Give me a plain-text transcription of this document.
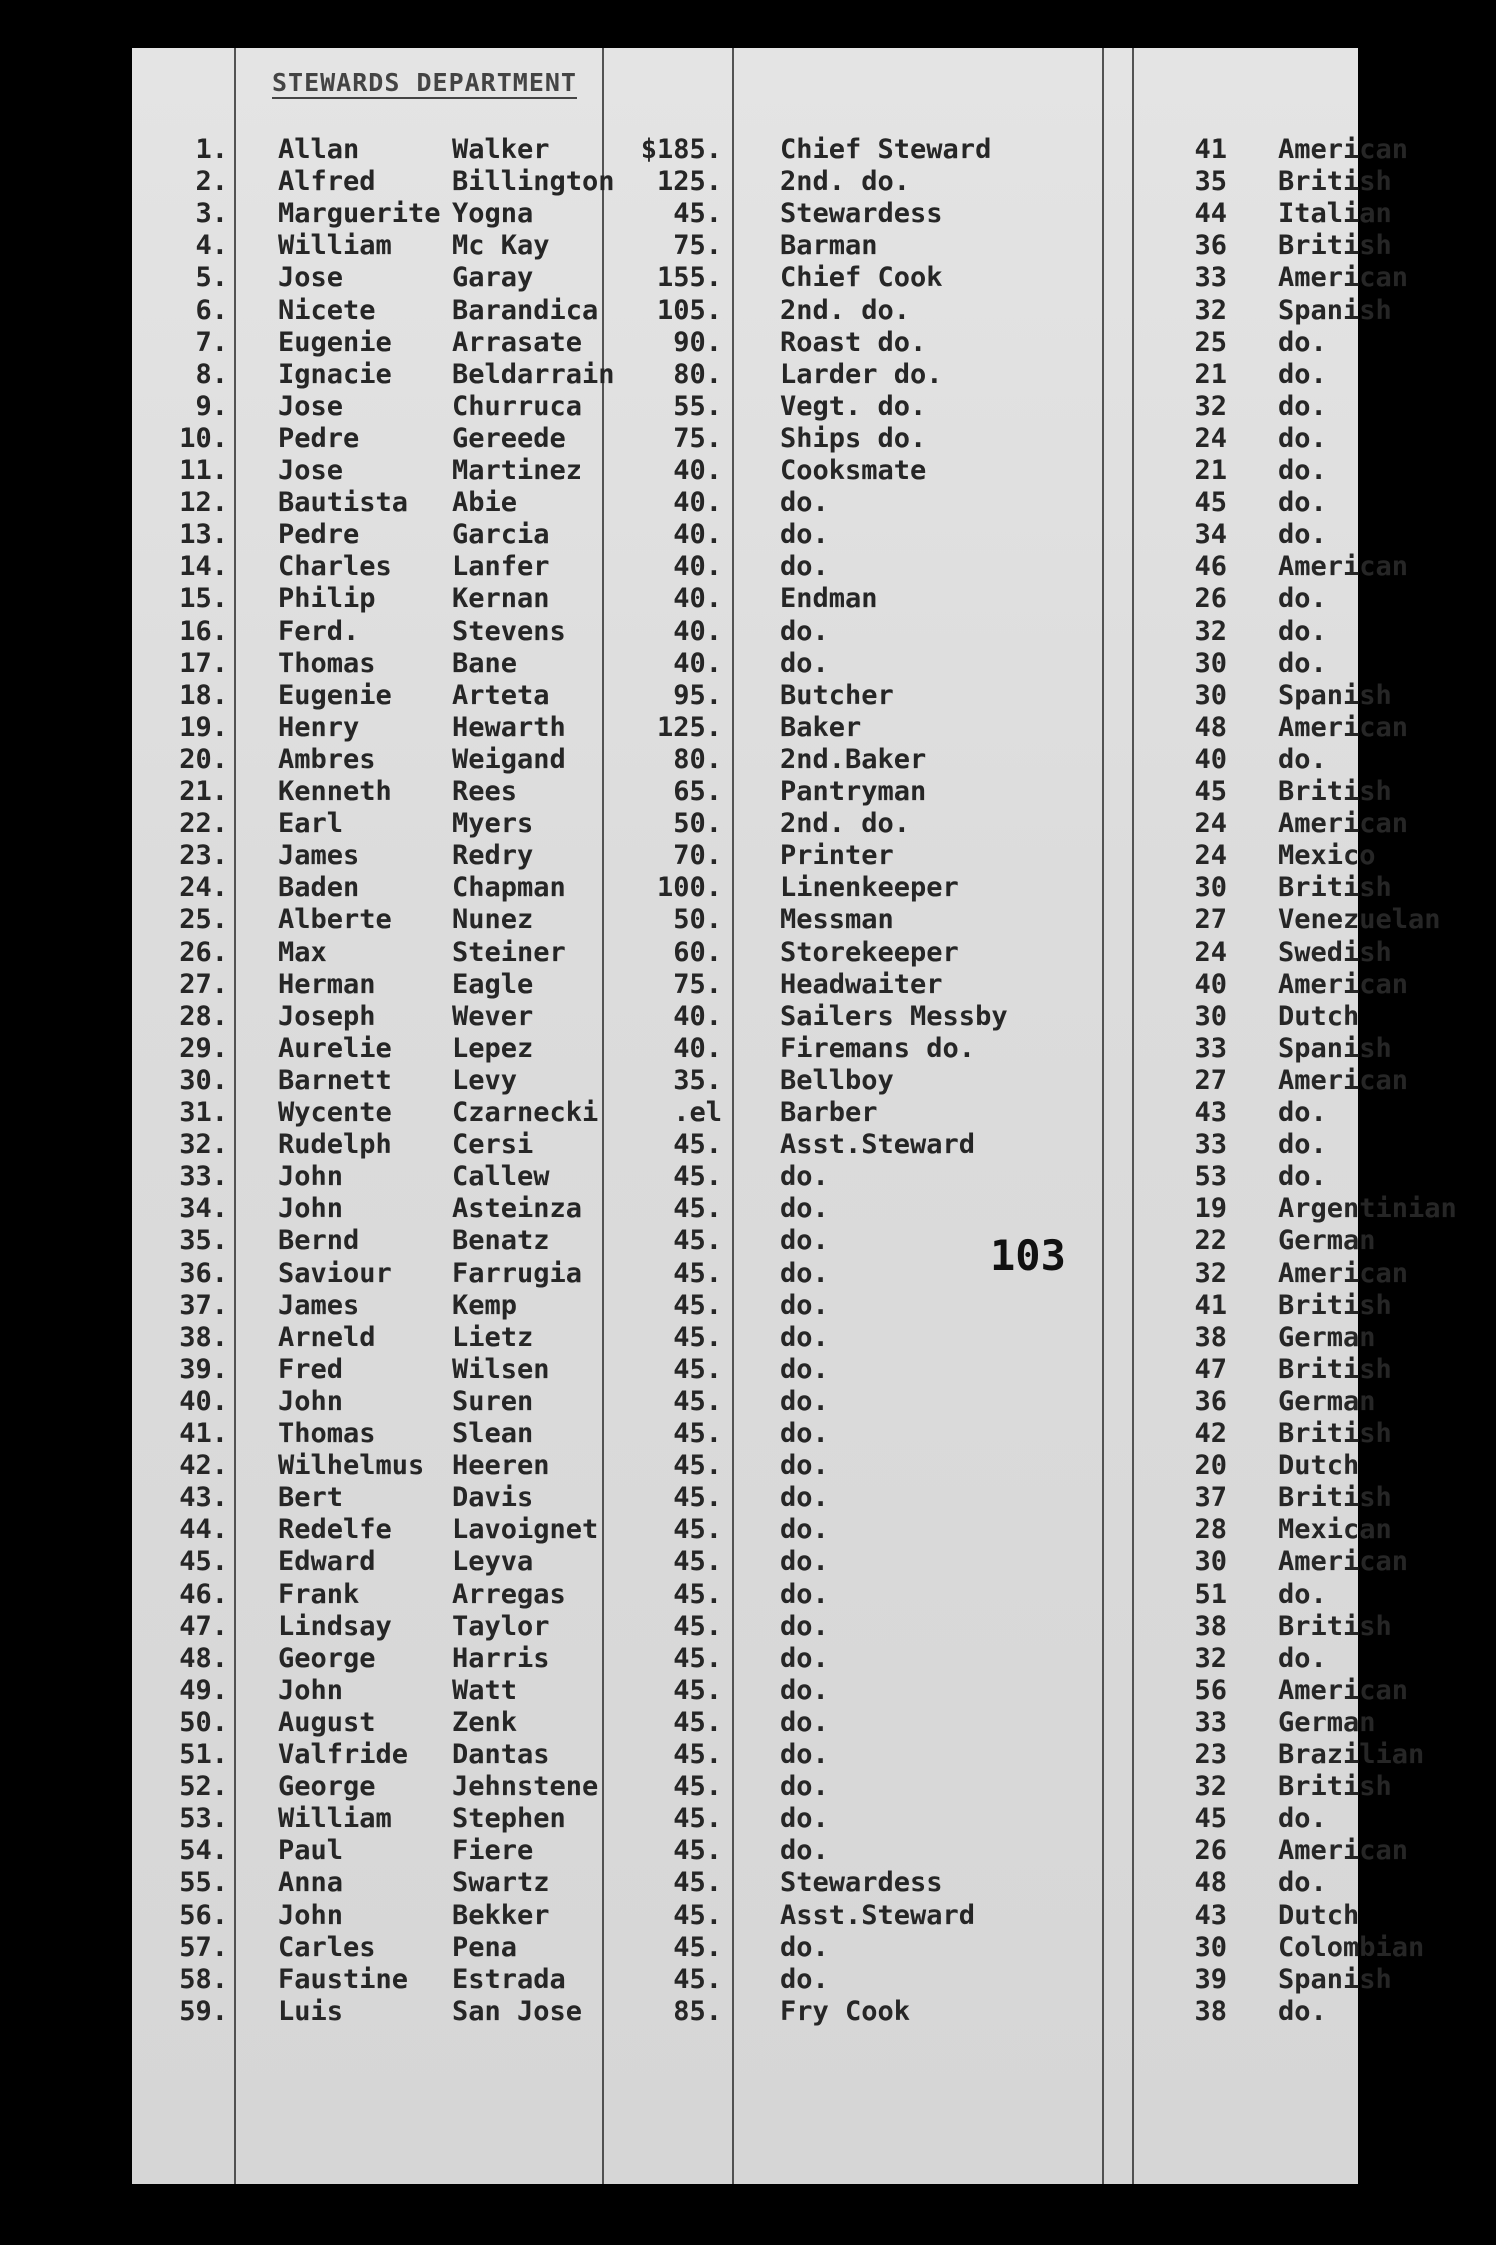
STEWARDS DEPARTMENT
1. Allan	Walker	$185. Chief Steward	41 American
2. Alfred	Billington	125. 2nd. do.	35 British
3. Marguerite Yogna	45. Stewardess	44 Italian
4. William Mc Kay	75. Barman	36 British
5. Jose	Garay	155. Chief Cook	33 American
6. Nicete	Barandica	105. 2nd. do.	32 Spanish
7. Eugenie Arrasate	90. Roast do.	25 do.
8. Ignacie Beldarrain	80. Larder do.	21 do.
9. Jose	Churruca	55. Vegt. do.	32 do.
10. Pedre	Gereede	75. Ships do.	24 do.
11. Jose	Martinez	40. Cooksmate	21 do.
12. Bautista Abie	40. do.	45 do.
13. Pedre	Garcia	40. do.	34 do.
14. Charles Lanfer	40. do.	46 American
15. Philip	Kernan	40. Endman	26 do.
16. Ferd.	Stevens	40. do.	32 do.
17. Thomas	Bane	40. do.	30 do.
18. Eugenie Arteta	95. Butcher	30 Spanish
19. Henry	Hewarth	125. Baker	48 American
20. Ambres	Weigand	80. 2nd.Baker	40 do.
21. Kenneth Rees	65. Pantryman	45 British
22. Earl	Myers	50. 2nd. do.	24 American
23. James	Redry	70. Printer	24 Mexico
24. Baden	Chapman	100. Linenkeeper	30 British
25. Alberte Nunez	50. Messman	27 Venezuelan
26. Max	Steiner	60. Storekeeper	24 Swedish
27. Herman	Eagle	75. Headwaiter	40 American
28. Joseph	Wever	40. Sailers Messby	30 Dutch
29. Aurelie Lepez	40. Firemans do.	33 Spanish
30. Barnett Levy	35. Bellboy	27 American
31. Wycente Czarnecki	.el Barber	43 do.
32. Rudelph Cersi	45. Asst.Steward	33 do.
33. John	Callew	45. do.	53 do.
34. John	Asteinza	45. do.	19 Argentinian
35. Bernd	Benatz	45. do.	22 German
36. Saviour Farrugia	45. do.	32 American
37. James	Kemp	45. do.	41 British
38. Arneld	Lietz	45. do.	38 German
39. Fred	Wilsen	45. do.	47 British
40. John	Suren	45. do.	36 German
41. Thomas	Slean	45. do.	42 British
42. Wilhelmus Heeren	45. do.	20 Dutch
43. Bert	Davis	45. do.	37 British
44. Redelfe Lavoignet	45. do.	28 Mexican
45. Edward	Leyva	45. do.	30 American
46. Frank	Arregas	45. do.	51 do.
47. Lindsay Taylor	45. do.	38 British
48. George	Harris	45. do.	32 do.
49. John	Watt	45. do.	56 American
50. August	Zenk	45. do.	33 German
51. Valfride Dantas	45. do.	23 Brazilian
52. George	Jehnstene	45. do.	32 British
53. William Stephen	45. do.	45 do.
54. Paul	Fiere	45. do.	26 American
55. Anna	Swartz	45. Stewardess	48 do.
56. John	Bekker	45. Asst.Steward	43 Dutch
57. Carles	Pena	45. do.	30 Colombian
58. Faustine Estrada	45. do.	39 Spanish
59. Luis	San Jose	85. Fry Cook	38 do.
103
